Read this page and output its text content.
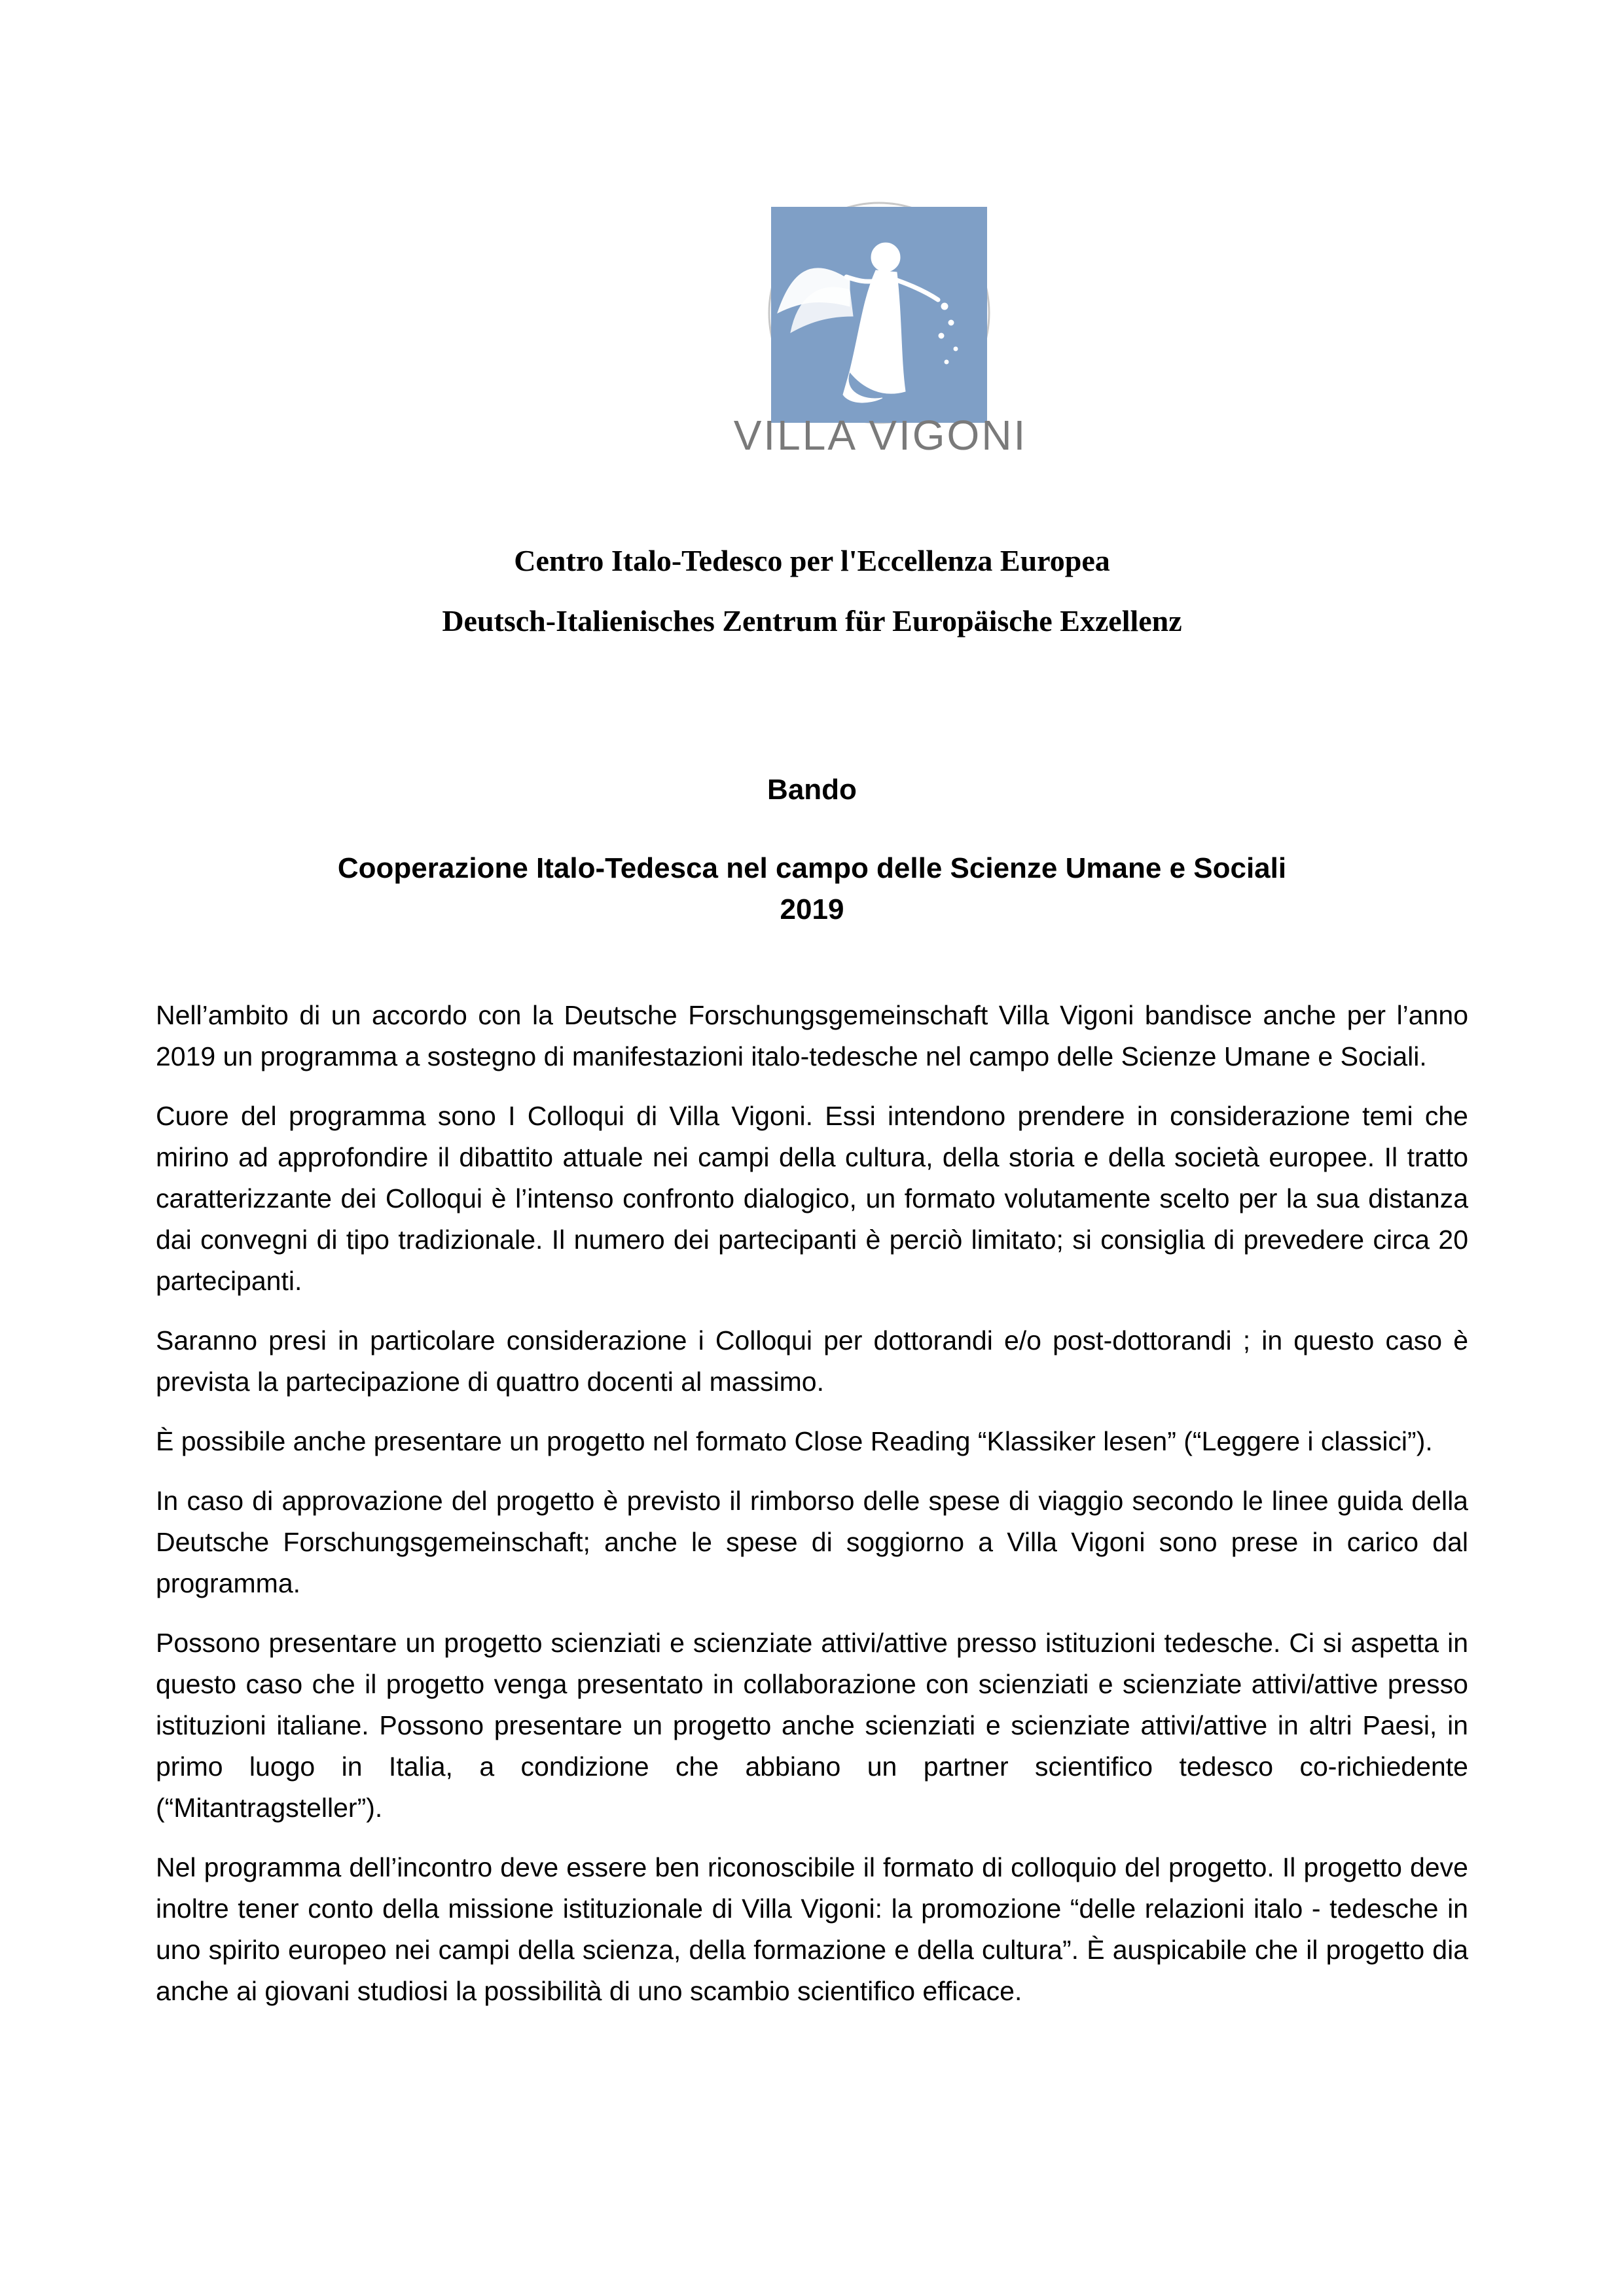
VILLA VIGONI
Centro Italo-Tedesco per l'Eccellenza Europea
Deutsch-Italienisches Zentrum für Europäische Exzellenz
Bando
Cooperazione Italo-Tedesca nel campo delle Scienze Umane e Sociali
2019

Nell’ambito di un accordo con la Deutsche Forschungsgemeinschaft Villa Vigoni bandisce anche per l’anno 2019 un programma a sostegno di manifestazioni italo-tedesche nel campo delle Scienze Umane e Sociali.

Cuore del programma sono I Colloqui di Villa Vigoni. Essi intendono prendere in considerazione temi che mirino ad approfondire il dibattito attuale nei campi della cultura, della storia e della società europee. Il tratto caratterizzante dei Colloqui è l’intenso confronto dialogico, un formato volutamente scelto per la sua distanza dai convegni di tipo tradizionale. Il numero dei partecipanti è perciò limitato; si consiglia di prevedere circa 20 partecipanti.

Saranno presi in particolare considerazione i Colloqui per dottorandi e/o post-dottorandi ; in questo caso è prevista la partecipazione di quattro docenti al massimo.

È possibile anche presentare un progetto nel formato Close Reading “Klassiker lesen” (“Leggere i classici”).

In caso di approvazione del progetto è previsto il rimborso delle spese di viaggio secondo le linee guida della Deutsche Forschungsgemeinschaft; anche le spese di soggiorno a Villa Vigoni sono prese in carico dal programma.

Possono presentare un progetto scienziati e scienziate attivi/attive presso istituzioni tedesche. Ci si aspetta in questo caso che il progetto venga presentato in collaborazione con scienziati e scienziate attivi/attive presso istituzioni italiane. Possono presentare un progetto anche scienziati e scienziate attivi/attive in altri Paesi, in primo luogo in Italia, a condizione che abbiano un partner scientifico tedesco co-richiedente (“Mitantragsteller”).

Nel programma dell’incontro deve essere ben riconoscibile il formato di colloquio del progetto. Il progetto deve inoltre tener conto della missione istituzionale di Villa Vigoni: la promozione “delle relazioni italo - tedesche in uno spirito europeo nei campi della scienza, della formazione e della cultura”. È auspicabile che il progetto dia anche ai giovani studiosi la possibilità di uno scambio scientifico efficace.
